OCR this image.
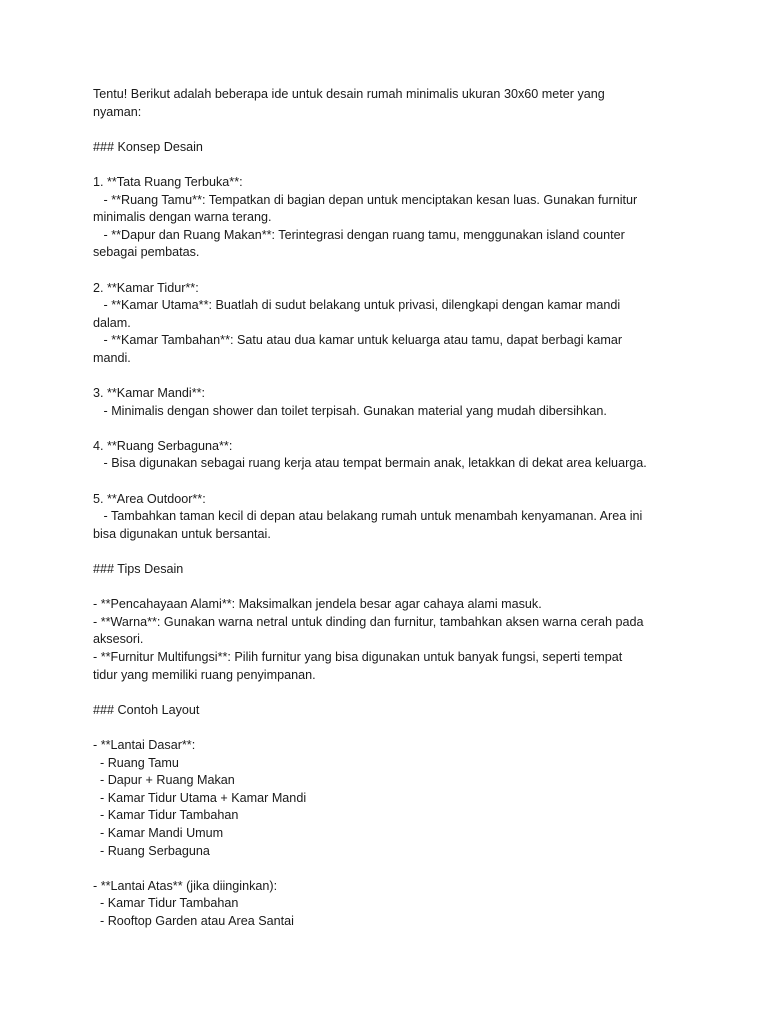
Tentu! Berikut adalah beberapa ide untuk desain rumah minimalis ukuran 30x60 meter yang
nyaman:
### Konsep Desain
1. **Tata Ruang Terbuka**:
- **Ruang Tamu**: Tempatkan di bagian depan untuk menciptakan kesan luas. Gunakan furnitur
minimalis dengan warna terang.
- **Dapur dan Ruang Makan**: Terintegrasi dengan ruang tamu, menggunakan island counter
sebagai pembatas.
2. **Kamar Tidur**:
- **Kamar Utama**: Buatlah di sudut belakang untuk privasi, dilengkapi dengan kamar mandi
dalam.
- **Kamar Tambahan**: Satu atau dua kamar untuk keluarga atau tamu, dapat berbagi kamar
mandi.
3. **Kamar Mandi**:
- Minimalis dengan shower dan toilet terpisah. Gunakan material yang mudah dibersihkan.
4. **Ruang Serbaguna**:
- Bisa digunakan sebagai ruang kerja atau tempat bermain anak, letakkan di dekat area keluarga.
5. **Area Outdoor**:
- Tambahkan taman kecil di depan atau belakang rumah untuk menambah kenyamanan. Area ini
bisa digunakan untuk bersantai.
### Tips Desain
- **Pencahayaan Alami**: Maksimalkan jendela besar agar cahaya alami masuk.
- **Warna**: Gunakan warna netral untuk dinding dan furnitur, tambahkan aksen warna cerah pada
aksesori.
- **Furnitur Multifungsi**: Pilih furnitur yang bisa digunakan untuk banyak fungsi, seperti tempat
tidur yang memiliki ruang penyimpanan.
### Contoh Layout
- **Lantai Dasar**:
- Ruang Tamu
- Dapur + Ruang Makan
- Kamar Tidur Utama + Kamar Mandi
- Kamar Tidur Tambahan
- Kamar Mandi Umum
- Ruang Serbaguna
- **Lantai Atas** (jika diinginkan):
- Kamar Tidur Tambahan
- Rooftop Garden atau Area Santai
